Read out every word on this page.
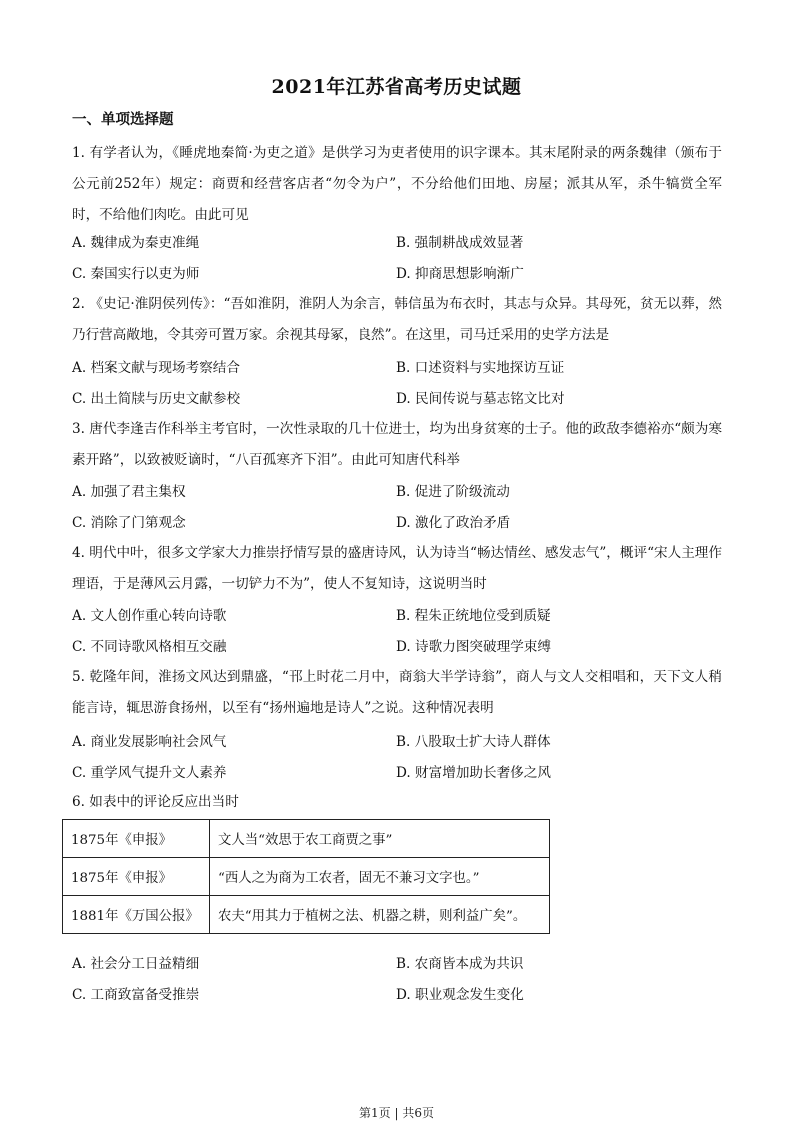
2021年江苏省高考历史试题
一、单项选择题
1. 有学者认为，《睡虎地秦简·为吏之道》是供学习为吏者使用的识字课本。其末尾附录的两条魏律（颁布于公元前252年）规定：商贾和经营客店者“勿令为户”，不分给他们田地、房屋；派其从军，杀牛犒赏全军时，不给他们肉吃。由此可见
A. 魏律成为秦吏准绳	B. 强制耕战成效显著
C. 秦国实行以吏为师	D. 抑商思想影响渐广
2. 《史记·淮阴侯列传》：“吾如淮阴，淮阴人为余言，韩信虽为布衣时，其志与众异。其母死，贫无以葬，然乃行营高敞地，令其旁可置万家。余视其母冢，良然”。在这里，司马迁采用的史学方法是
A. 档案文献与现场考察结合	B. 口述资料与实地探访互证
C. 出土简牍与历史文献参校	D. 民间传说与墓志铭文比对
3. 唐代李逢吉作科举主考官时，一次性录取的几十位进士，均为出身贫寒的士子。他的政敌李德裕亦“颇为寒素开路”，以致被贬谪时，“八百孤寒齐下泪”。由此可知唐代科举
A. 加强了君主集权	B. 促进了阶级流动
C. 消除了门第观念	D. 激化了政治矛盾
4. 明代中叶，很多文学家大力推崇抒情写景的盛唐诗风，认为诗当“畅达情丝、感发志气”，概评“宋人主理作理语，于是薄风云月露，一切铲力不为”，使人不复知诗，这说明当时
A. 文人创作重心转向诗歌	B. 程朱正统地位受到质疑
C. 不同诗歌风格相互交融	D. 诗歌力图突破理学束缚
5. 乾隆年间，淮扬文风达到鼎盛，“邗上时花二月中，商翁大半学诗翁”，商人与文人交相唱和，天下文人稍能言诗，辄思游食扬州，以至有“扬州遍地是诗人”之说。这种情况表明
A. 商业发展影响社会风气	B. 八股取士扩大诗人群体
C. 重学风气提升文人素养	D. 财富增加助长奢侈之风
6. 如表中的评论反应出当时
1875年《申报》	文人当“效思于农工商贾之事”
1875年《申报》	“西人之为商为工农者，固无不兼习文字也。”
1881年《万国公报》	农夫“用其力于植树之法、机器之耕，则利益广矣”。
A. 社会分工日益精细	B. 农商皆本成为共识
C. 工商致富备受推崇	D. 职业观念发生变化
第1页 | 共6页
